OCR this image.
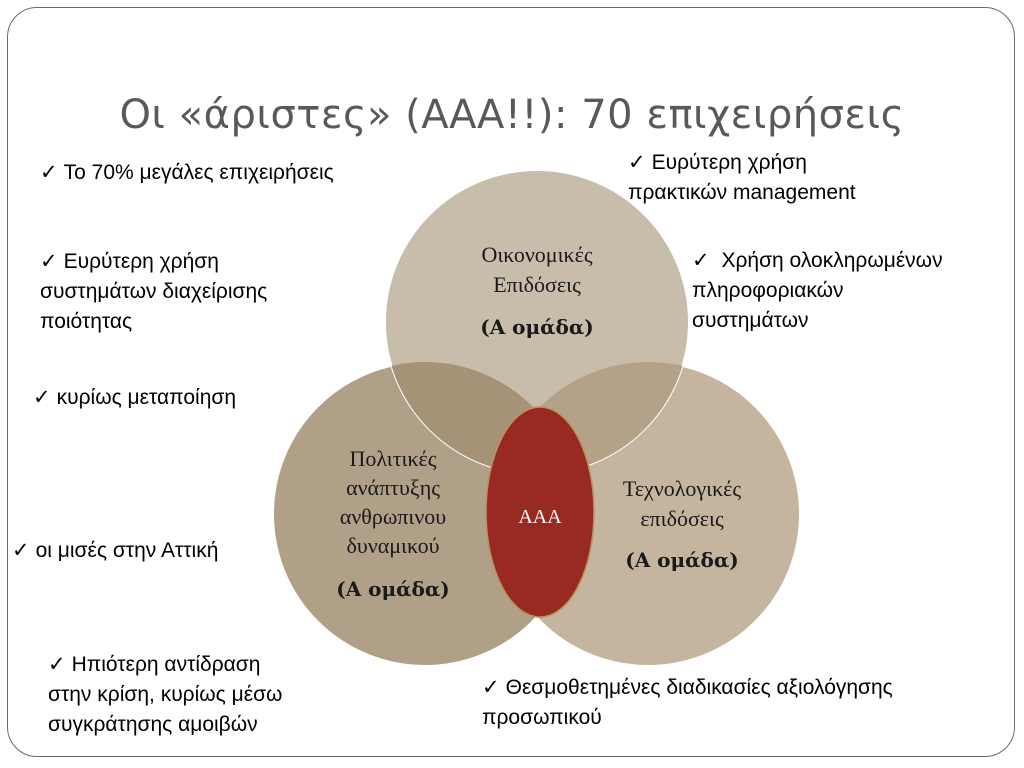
Οι «άριστες» (ΑΑΑ!!): 70 επιχειρήσεις
Οικονομικές
Επιδόσεις
(Α ομάδα)
Πολιτικές
ανάπτυξης
ανθρωπινου
δυναμικού
(Α ομάδα)
Τεχνολογικές
επιδόσεις
(Α ομάδα)
ΑΑΑ
✓ Το 70% μεγάλες επιχειρήσεις
✓ Ευρύτερη χρήση
συστημάτων διαχείρισης
ποιότητας
✓ κυρίως μεταποίηση
✓ οι μισές στην Αττική
✓ Ηπιότερη αντίδραση
στην κρίση, κυρίως μέσω
συγκράτησης αμοιβών
✓ Ευρύτερη χρήση
πρακτικών management
✓ Χρήση ολοκληρωμένων
πληροφοριακών
συστημάτων
✓ Θεσμοθετημένες διαδικασίες αξιολόγησης
προσωπικού
